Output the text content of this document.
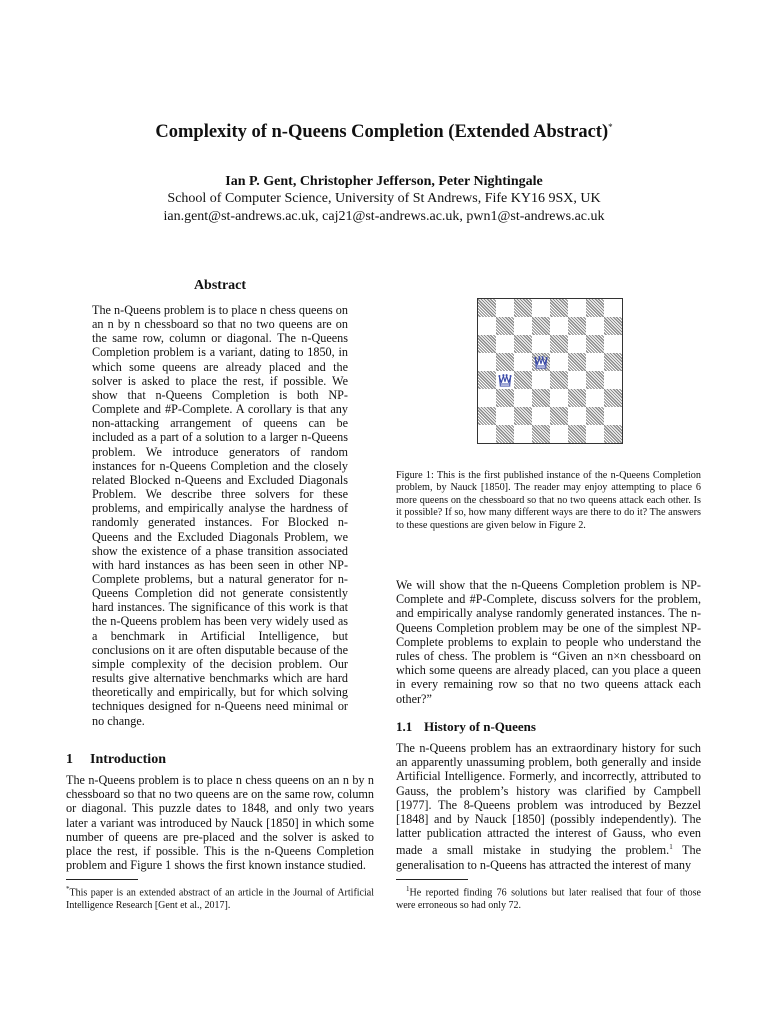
Complexity of n-Queens Completion (Extended Abstract)*
Ian P. Gent, Christopher Jefferson, Peter Nightingale
School of Computer Science, University of St Andrews, Fife KY16 9SX, UK
ian.gent@st-andrews.ac.uk, caj21@st-andrews.ac.uk, pwn1@st-andrews.ac.uk
Abstract

The n-Queens problem is to place n chess queens on an n by n chessboard so that no two queens are on the same row, column or diagonal. The n-Queens Completion problem is a variant, dating to 1850, in which some queens are already placed and the solver is asked to place the rest, if possible. We show that n-Queens Completion is both NP-Complete and #P-Complete. A corollary is that any non-attacking arrangement of queens can be included as a part of a solution to a larger n-Queens problem. We introduce generators of random instances for n-Queens Completion and the closely related Blocked n-Queens and Excluded Diagonals Problem. We describe three solvers for these problems, and empirically analyse the hardness of randomly generated instances. For Blocked n-Queens and the Excluded Diagonals Problem, we show the existence of a phase transition associated with hard instances as has been seen in other NP-Complete problems, but a natural generator for n-Queens Completion did not generate consistently hard instances. The significance of this work is that the n-Queens problem has been very widely used as a benchmark in Artificial Intelligence, but conclusions on it are often disputable because of the simple complexity of the decision problem. Our results give alternative benchmarks which are hard theoretically and empirically, but for which solving techniques designed for n-Queens need minimal or no change.

1 Introduction

The n-Queens problem is to place n chess queens on an n by n chessboard so that no two queens are on the same row, column or diagonal. This puzzle dates to 1848, and only two years later a variant was introduced by Nauck [1850] in which some number of queens are pre-placed and the solver is asked to place the rest, if possible. This is the n-Queens Completion problem and Figure 1 shows the first known instance studied.

*This paper is an extended abstract of an article in the Journal of Artificial Intelligence Research [Gent et al., 2017].

Figure 1: This is the first published instance of the n-Queens Completion problem, by Nauck [1850]. The reader may enjoy attempting to place 6 more queens on the chessboard so that no two queens attack each other. Is it possible? If so, how many different ways are there to do it? The answers to these questions are given below in Figure 2.

We will show that the n-Queens Completion problem is NP-Complete and #P-Complete, discuss solvers for the problem, and empirically analyse randomly generated instances. The n-Queens Completion problem may be one of the simplest NP-Complete problems to explain to people who understand the rules of chess. The problem is “Given an n×n chessboard on which some queens are already placed, can you place a queen in every remaining row so that no two queens attack each other?”

1.1 History of n-Queens

The n-Queens problem has an extraordinary history for such an apparently unassuming problem, both generally and inside Artificial Intelligence. Formerly, and incorrectly, attributed to Gauss, the problem’s history was clarified by Campbell [1977]. The 8-Queens problem was introduced by Bezzel [1848] and by Nauck [1850] (possibly independently). The latter publication attracted the interest of Gauss, who even made a small mistake in studying the problem.$^1$ The generalisation to n-Queens has attracted the interest of many

$^1$He reported finding 76 solutions but later realised that four of those were erroneous so had only 72.
